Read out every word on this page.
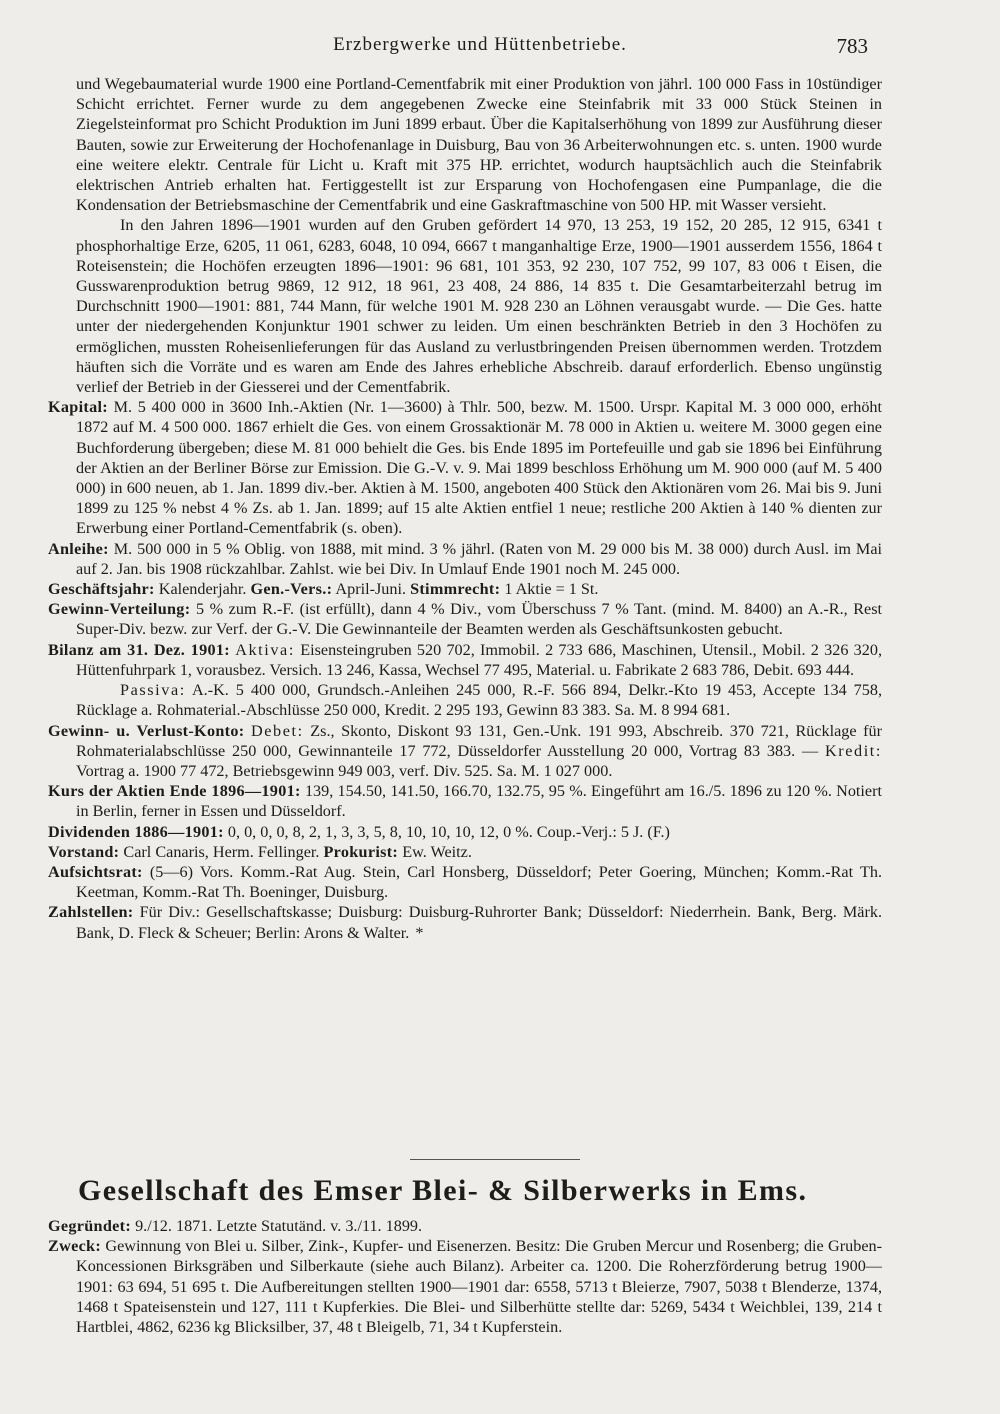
Erzbergwerke und Hüttenbetriebe.	783

und Wegebaumaterial wurde 1900 eine Portland-Cementfabrik mit einer Produktion von jährl. 100 000 Fass in 10stündiger Schicht errichtet. Ferner wurde zu dem angegebenen Zwecke eine Steinfabrik mit 33 000 Stück Steinen in Ziegelsteinformat pro Schicht Produktion im Juni 1899 erbaut. Über die Kapitalserhöhung von 1899 zur Ausführung dieser Bauten, sowie zur Erweiterung der Hochofenanlage in Duisburg, Bau von 36 Arbeiterwohnungen etc. s. unten. 1900 wurde eine weitere elektr. Centrale für Licht u. Kraft mit 375 HP. errichtet, wodurch hauptsächlich auch die Steinfabrik elektrischen Antrieb erhalten hat. Fertiggestellt ist zur Ersparung von Hochofengasen eine Pumpanlage, die die Kondensation der Betriebsmaschine der Cementfabrik und eine Gaskraftmaschine von 500 HP. mit Wasser versieht.

In den Jahren 1896—1901 wurden auf den Gruben gefördert 14 970, 13 253, 19 152, 20 285, 12 915, 6341 t phosphorhaltige Erze, 6205, 11 061, 6283, 6048, 10 094, 6667 t manganhaltige Erze, 1900—1901 ausserdem 1556, 1864 t Roteisenstein; die Hochöfen erzeugten 1896—1901: 96 681, 101 353, 92 230, 107 752, 99 107, 83 006 t Eisen, die Gusswarenproduktion betrug 9869, 12 912, 18 961, 23 408, 24 886, 14 835 t. Die Gesamtarbeiterzahl betrug im Durchschnitt 1900—1901: 881, 744 Mann, für welche 1901 M. 928 230 an Löhnen verausgabt wurde. — Die Ges. hatte unter der niedergehenden Konjunktur 1901 schwer zu leiden. Um einen beschränkten Betrieb in den 3 Hochöfen zu ermöglichen, mussten Roheisenlieferungen für das Ausland zu verlustbringenden Preisen übernommen werden. Trotzdem häuften sich die Vorräte und es waren am Ende des Jahres erhebliche Abschreib. darauf erforderlich. Ebenso ungünstig verlief der Betrieb in der Giesserei und der Cementfabrik.

Kapital: M. 5 400 000 in 3600 Inh.-Aktien (Nr. 1—3600) à Thlr. 500, bezw. M. 1500. Urspr. Kapital M. 3 000 000, erhöht 1872 auf M. 4 500 000. 1867 erhielt die Ges. von einem Grossaktionär M. 78 000 in Aktien u. weitere M. 3000 gegen eine Buchforderung übergeben; diese M. 81 000 behielt die Ges. bis Ende 1895 im Portefeuille und gab sie 1896 bei Einführung der Aktien an der Berliner Börse zur Emission. Die G.-V. v. 9. Mai 1899 beschloss Erhöhung um M. 900 000 (auf M. 5 400 000) in 600 neuen, ab 1. Jan. 1899 div.-ber. Aktien à M. 1500, angeboten 400 Stück den Aktionären vom 26. Mai bis 9. Juni 1899 zu 125 % nebst 4 % Zs. ab 1. Jan. 1899; auf 15 alte Aktien entfiel 1 neue; restliche 200 Aktien à 140 % dienten zur Erwerbung einer Portland-Cementfabrik (s. oben).

Anleihe: M. 500 000 in 5 % Oblig. von 1888, mit mind. 3 % jährl. (Raten von M. 29 000 bis M. 38 000) durch Ausl. im Mai auf 2. Jan. bis 1908 rückzahlbar. Zahlst. wie bei Div. In Umlauf Ende 1901 noch M. 245 000.

Geschäftsjahr: Kalenderjahr. Gen.-Vers.: April-Juni. Stimmrecht: 1 Aktie = 1 St.

Gewinn-Verteilung: 5 % zum R.-F. (ist erfüllt), dann 4 % Div., vom Überschuss 7 % Tant. (mind. M. 8400) an A.-R., Rest Super-Div. bezw. zur Verf. der G.-V. Die Gewinnanteile der Beamten werden als Geschäftsunkosten gebucht.

Bilanz am 31. Dez. 1901: Aktiva: Eisensteingruben 520 702, Immobil. 2 733 686, Maschinen, Utensil., Mobil. 2 326 320, Hüttenfuhrpark 1, vorausbez. Versich. 13 246, Kassa, Wechsel 77 495, Material. u. Fabrikate 2 683 786, Debit. 693 444.

Passiva: A.-K. 5 400 000, Grundsch.-Anleihen 245 000, R.-F. 566 894, Delkr.-Kto 19 453, Accepte 134 758, Rücklage a. Rohmaterial.-Abschlüsse 250 000, Kredit. 2 295 193, Gewinn 83 383. Sa. M. 8 994 681.

Gewinn- u. Verlust-Konto: Debet: Zs., Skonto, Diskont 93 131, Gen.-Unk. 191 993, Abschreib. 370 721, Rücklage für Rohmaterialabschlüsse 250 000, Gewinnanteile 17 772, Düsseldorfer Ausstellung 20 000, Vortrag 83 383. — Kredit: Vortrag a. 1900 77 472, Betriebsgewinn 949 003, verf. Div. 525. Sa. M. 1 027 000.

Kurs der Aktien Ende 1896—1901: 139, 154.50, 141.50, 166.70, 132.75, 95 %. Eingeführt am 16./5. 1896 zu 120 %. Notiert in Berlin, ferner in Essen und Düsseldorf.

Dividenden 1886—1901: 0, 0, 0, 0, 8, 2, 1, 3, 3, 5, 8, 10, 10, 10, 12, 0 %. Coup.-Verj.: 5 J. (F.)

Vorstand: Carl Canaris, Herm. Fellinger. Prokurist: Ew. Weitz.

Aufsichtsrat: (5—6) Vors. Komm.-Rat Aug. Stein, Carl Honsberg, Düsseldorf; Peter Goering, München; Komm.-Rat Th. Keetman, Komm.-Rat Th. Boeninger, Duisburg.

Zahlstellen: Für Div.: Gesellschaftskasse; Duisburg: Duisburg-Ruhrorter Bank; Düsseldorf: Niederrhein. Bank, Berg. Märk. Bank, D. Fleck & Scheuer; Berlin: Arons & Walter. *

Gesellschaft des Emser Blei- & Silberwerks in Ems.

Gegründet: 9./12. 1871. Letzte Statutänd. v. 3./11. 1899.

Zweck: Gewinnung von Blei u. Silber, Zink-, Kupfer- und Eisenerzen. Besitz: Die Gruben Mercur und Rosenberg; die Gruben-Koncessionen Birksgräben und Silberkaute (siehe auch Bilanz). Arbeiter ca. 1200. Die Roherzförderung betrug 1900—1901: 63 694, 51 695 t. Die Aufbereitungen stellten 1900—1901 dar: 6558, 5713 t Bleierze, 7907, 5038 t Blenderze, 1374, 1468 t Spateisenstein und 127, 111 t Kupferkies. Die Blei- und Silberhütte stellte dar: 5269, 5434 t Weichblei, 139, 214 t Hartblei, 4862, 6236 kg Blicksilber, 37, 48 t Bleigelb, 71, 34 t Kupferstein.
